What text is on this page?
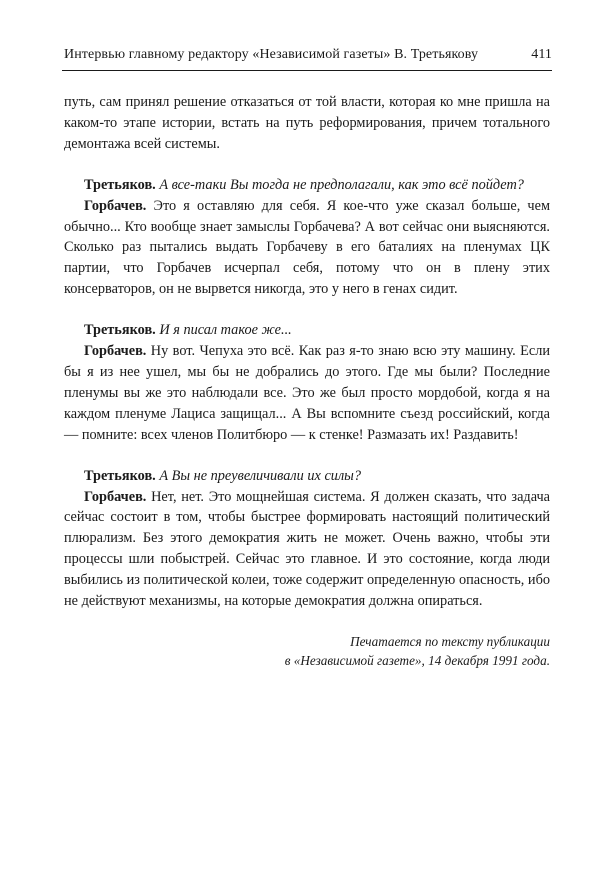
Интервью главному редактору «Независимой газеты» В. Третьякову	411

путь, сам принял решение отказаться от той власти, которая ко мне пришла на каком-то этапе истории, встать на путь реформирования, причем тотального демонтажа всей системы.

Третьяков. А все-таки Вы тогда не предполагали, как это всё пойдет?

Горбачев. Это я оставляю для себя. Я кое-что уже сказал больше, чем обычно... Кто вообще знает замыслы Горбачева? А вот сейчас они выясняются. Сколько раз пытались выдать Горбачеву в его баталиях на пленумах ЦК партии, что Горбачев исчерпал себя, потому что он в плену этих консерваторов, он не вырвется никогда, это у него в генах сидит.

Третьяков. И я писал такое же...

Горбачев. Ну вот. Чепуха это всё. Как раз я-то знаю всю эту машину. Если бы я из нее ушел, мы бы не добрались до этого. Где мы были? Последние пленумы вы же это наблюдали все. Это же был просто мордобой, когда я на каждом пленуме Лациса защищал... А Вы вспомните съезд российский, когда — помните: всех членов Политбюро — к стенке! Размазать их! Раздавить!

Третьяков. А Вы не преувеличивали их силы?

Горбачев. Нет, нет. Это мощнейшая система. Я должен сказать, что задача сейчас состоит в том, чтобы быстрее формировать настоящий политический плюрализм. Без этого демократия жить не может. Очень важно, чтобы эти процессы шли побыстрей. Сейчас это главное. И это состояние, когда люди выбились из политической колеи, тоже содержит определенную опасность, ибо не действуют механизмы, на которые демократия должна опираться.

Печатается по тексту публикации
в «Независимой газете», 14 декабря 1991 года.
